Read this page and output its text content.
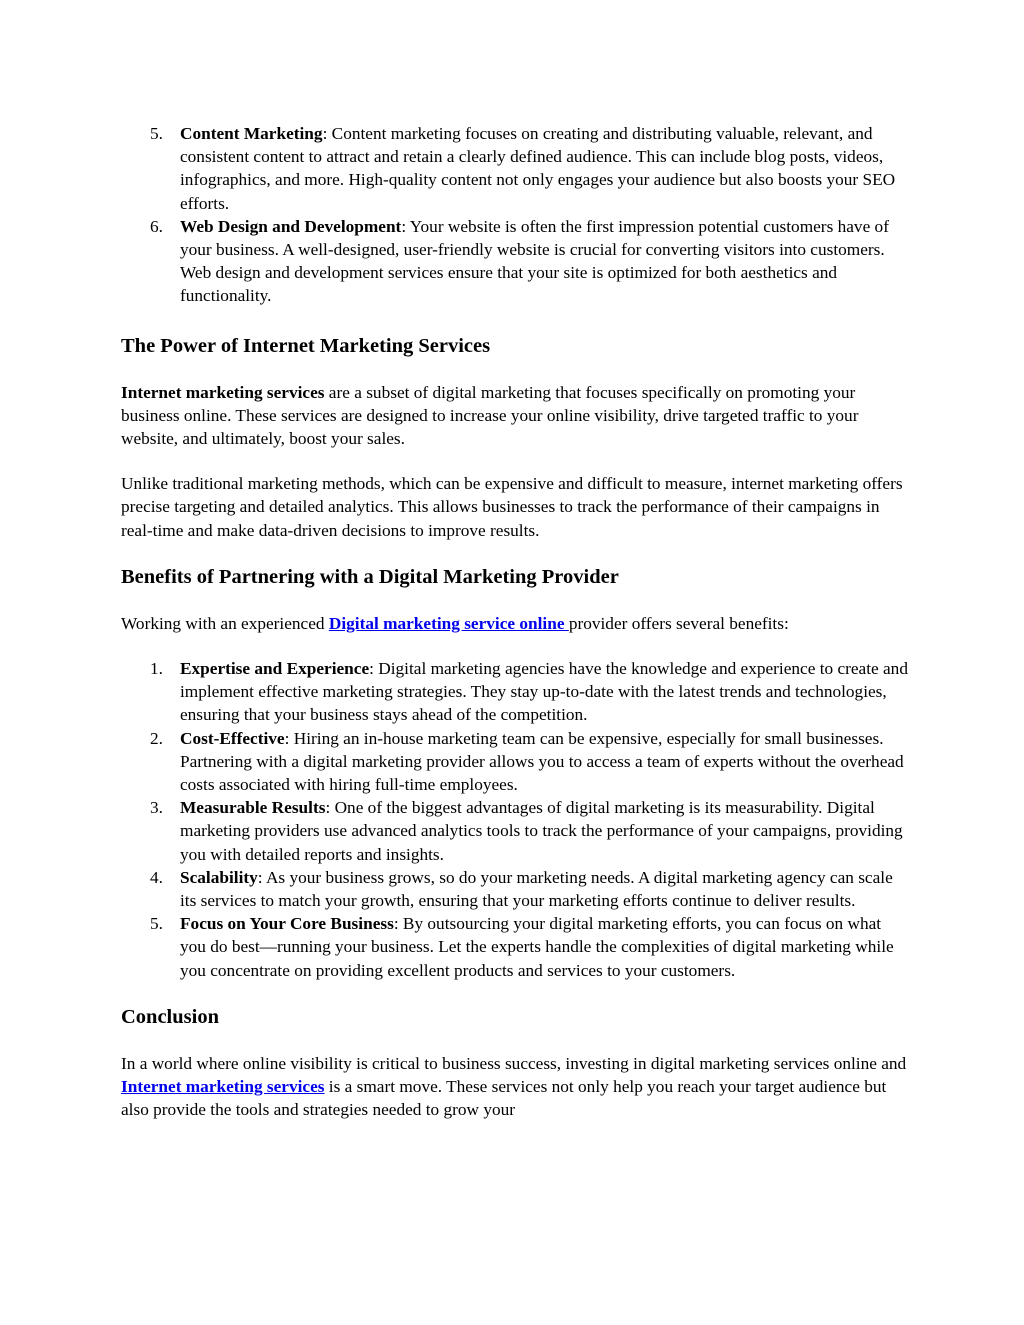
5. Content Marketing: Content marketing focuses on creating and distributing valuable, relevant, and consistent content to attract and retain a clearly defined audience. This can include blog posts, videos, infographics, and more. High-quality content not only engages your audience but also boosts your SEO efforts.
6. Web Design and Development: Your website is often the first impression potential customers have of your business. A well-designed, user-friendly website is crucial for converting visitors into customers. Web design and development services ensure that your site is optimized for both aesthetics and functionality.
The Power of Internet Marketing Services

Internet marketing services are a subset of digital marketing that focuses specifically on promoting your business online. These services are designed to increase your online visibility, drive targeted traffic to your website, and ultimately, boost your sales.

Unlike traditional marketing methods, which can be expensive and difficult to measure, internet marketing offers precise targeting and detailed analytics. This allows businesses to track the performance of their campaigns in real-time and make data-driven decisions to improve results.

Benefits of Partnering with a Digital Marketing Provider

Working with an experienced Digital marketing service online provider offers several benefits:

1. Expertise and Experience: Digital marketing agencies have the knowledge and experience to create and implement effective marketing strategies. They stay up-to-date with the latest trends and technologies, ensuring that your business stays ahead of the competition.
2. Cost-Effective: Hiring an in-house marketing team can be expensive, especially for small businesses. Partnering with a digital marketing provider allows you to access a team of experts without the overhead costs associated with hiring full-time employees.
3. Measurable Results: One of the biggest advantages of digital marketing is its measurability. Digital marketing providers use advanced analytics tools to track the performance of your campaigns, providing you with detailed reports and insights.
4. Scalability: As your business grows, so do your marketing needs. A digital marketing agency can scale its services to match your growth, ensuring that your marketing efforts continue to deliver results.
5. Focus on Your Core Business: By outsourcing your digital marketing efforts, you can focus on what you do best—running your business. Let the experts handle the complexities of digital marketing while you concentrate on providing excellent products and services to your customers.
Conclusion

In a world where online visibility is critical to business success, investing in digital marketing services online and Internet marketing services is a smart move. These services not only help you reach your target audience but also provide the tools and strategies needed to grow your
